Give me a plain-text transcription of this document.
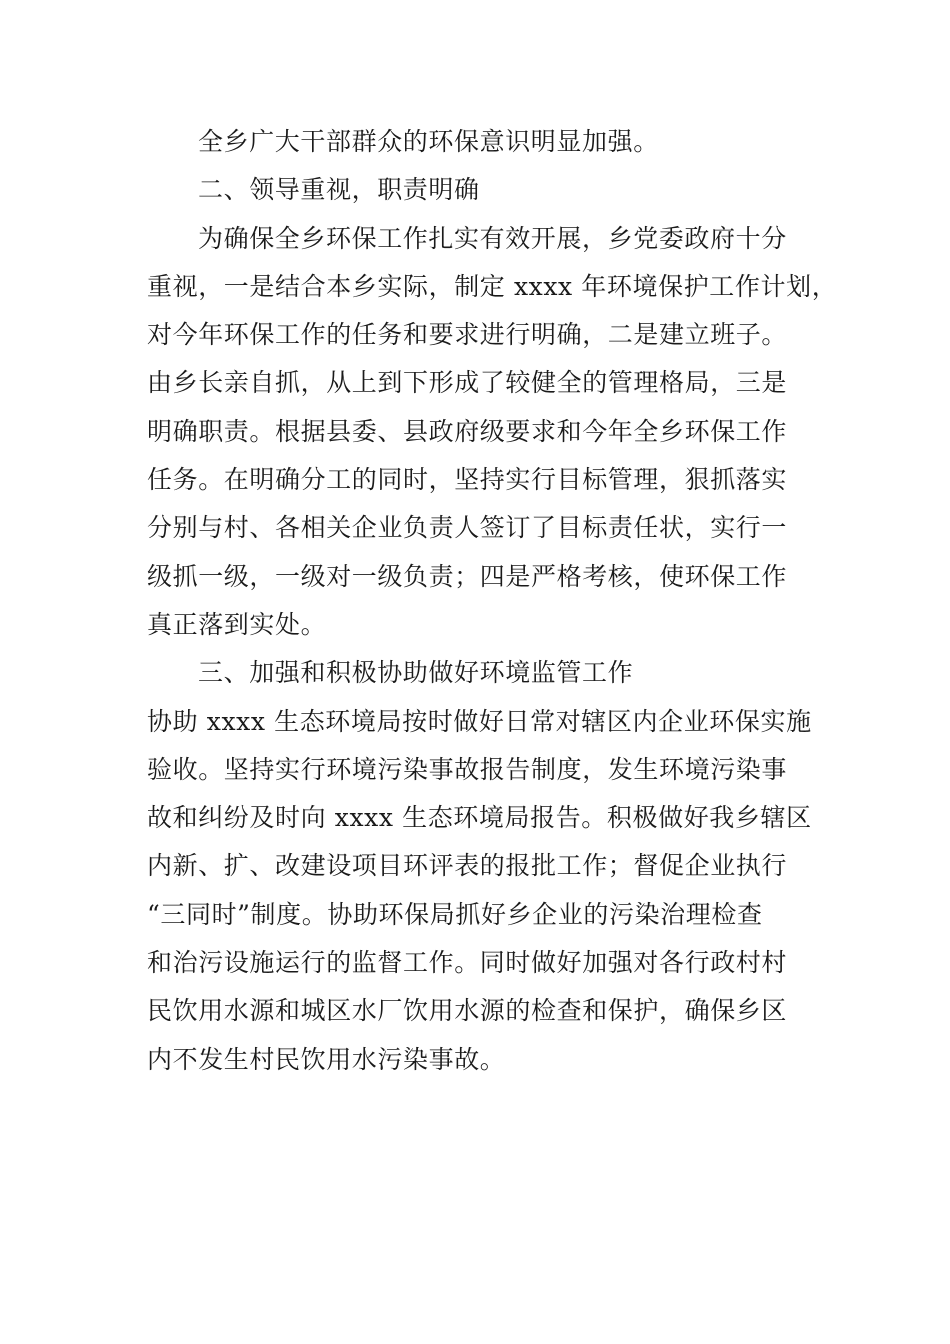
全乡广大干部群众的环保意识明显加强。
二、领导重视，职责明确
为确保全乡环保工作扎实有效开展，乡党委政府十分
重视，一是结合本乡实际，制定 xxxx 年环境保护工作计划，
对今年环保工作的任务和要求进行明确，二是建立班子。
由乡长亲自抓，从上到下形成了较健全的管理格局，三是
明确职责。根据县委、县政府级要求和今年全乡环保工作
任务。在明确分工的同时，坚持实行目标管理，狠抓落实
分别与村、各相关企业负责人签订了目标责任状，实行一
级抓一级，一级对一级负责；四是严格考核，使环保工作
真正落到实处。
三、加强和积极协助做好环境监管工作
协助 xxxx 生态环境局按时做好日常对辖区内企业环保实施
验收。坚持实行环境污染事故报告制度，发生环境污染事
故和纠纷及时向 xxxx 生态环境局报告。积极做好我乡辖区
内新、扩、改建设项目环评表的报批工作；督促企业执行
“三同时”制度。协助环保局抓好乡企业的污染治理检查
和治污设施运行的监督工作。同时做好加强对各行政村村
民饮用水源和城区水厂饮用水源的检查和保护，确保乡区
内不发生村民饮用水污染事故。
